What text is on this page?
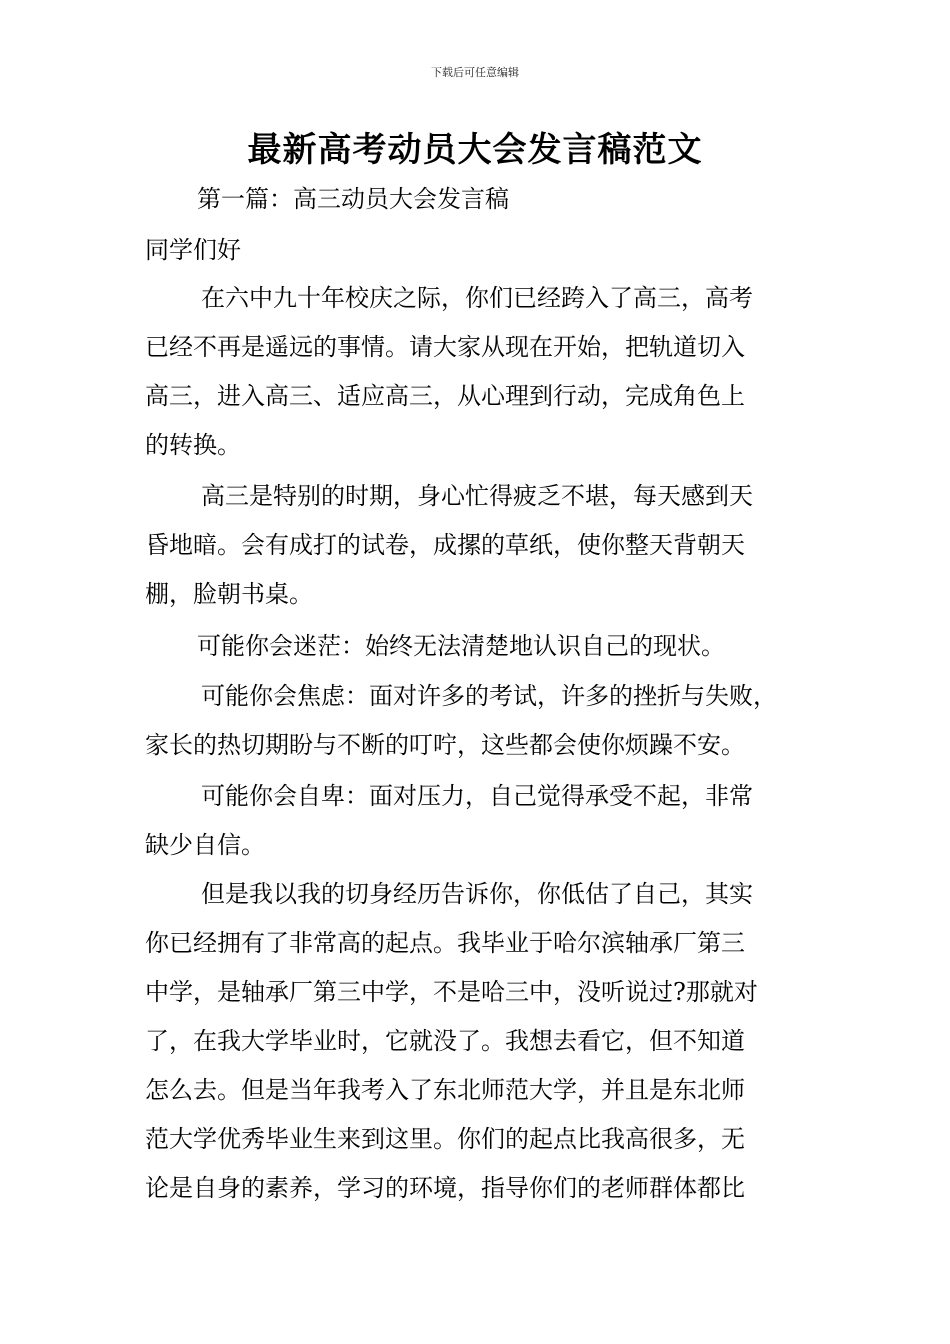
下载后可任意编辑
最新高考动员大会发言稿范文
第一篇：高三动员大会发言稿
同学们好
在六中九十年校庆之际，你们已经跨入了高三，高考
已经不再是遥远的事情。请大家从现在开始，把轨道切入
高三，进入高三、适应高三，从心理到行动，完成角色上
的转换。
高三是特别的时期，身心忙得疲乏不堪，每天感到天
昏地暗。会有成打的试卷，成摞的草纸，使你整天背朝天
棚，脸朝书桌。
可能你会迷茫：始终无法清楚地认识自己的现状。
可能你会焦虑：面对许多的考试，许多的挫折与失败，
家长的热切期盼与不断的叮咛，这些都会使你烦躁不安。
可能你会自卑：面对压力，自己觉得承受不起，非常
缺少自信。
但是我以我的切身经历告诉你，你低估了自己，其实
你已经拥有了非常高的起点。我毕业于哈尔滨轴承厂第三
中学，是轴承厂第三中学，不是哈三中，没听说过?那就对
了，在我大学毕业时，它就没了。我想去看它，但不知道
怎么去。但是当年我考入了东北师范大学，并且是东北师
范大学优秀毕业生来到这里。你们的起点比我高很多，无
论是自身的素养，学习的环境，指导你们的老师群体都比
